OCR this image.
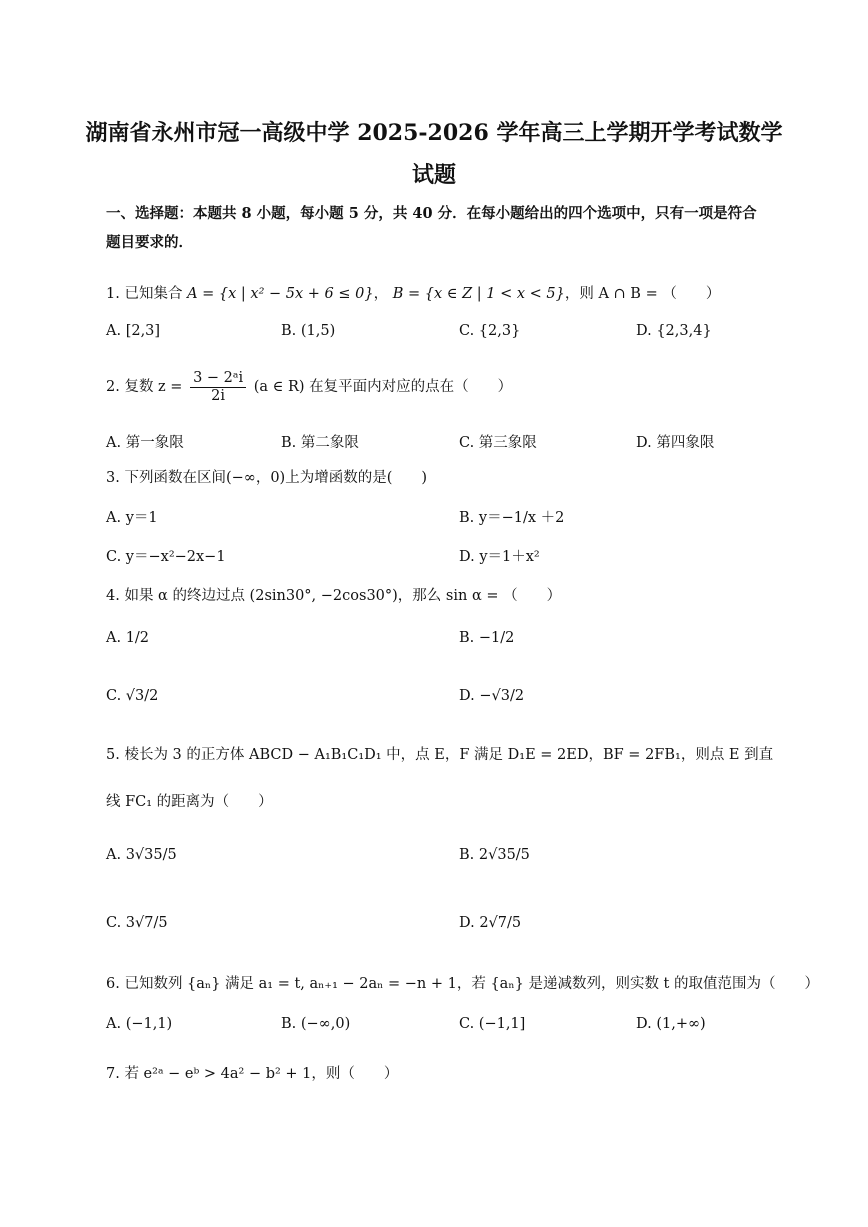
湖南省永州市冠一高级中学 2025-2026 学年高三上学期开学考试数学
试题
一、选择题：本题共 8 小题，每小题 5 分，共 40 分．在每小题给出的四个选项中，只有一项是符合题目要求的．
1. 已知集合 A = {x | x² − 5x + 6 ≤ 0}， B = {x ∈ Z | 1 < x < 5}，则 A ∩ B = （　　）
A. [2,3]	B. (1,5)	C. {2,3}	D. {2,3,4}
2. 复数 $z = \frac{\text{3 − 2ᵃi}}{2i} (a$ ∈ R) 在复平面内对应的点在（　　）
A. 第一象限	B. 第二象限	C. 第三象限	D. 第四象限
3. 下列函数在区间(−∞，0)上为增函数的是(　　)
A. y＝1	B. y＝−1/x ＋2
C. y＝−x²−2x−1	D. y＝1＋x²
4. 如果 α 的终边过点 (2sin30°, −2cos30°)，那么 sin α = （　　）
A. 1/2	B. −1/2
C. √3/2	D. −√3/2
5. 棱长为 3 的正方体 ABCD − A₁B₁C₁D₁ 中，点 E，F 满足 D₁E = 2ED，BF = 2FB₁，则点 E 到直
线 FC₁ 的距离为（　　）
A. 3√35/5	B. 2√35/5
C. 3√7/5	D. 2√7/5
6. 已知数列 {aₙ} 满足 a₁ = t, aₙ₊₁ − 2aₙ = −n + 1，若 {aₙ} 是递减数列，则实数 t 的取值范围为（　　）
A. (−1,1)	B. (−∞,0)	C. (−1,1]	D. (1,+∞)
7. 若 e²ᵃ − eᵇ > 4a² − b² + 1，则（　　）
